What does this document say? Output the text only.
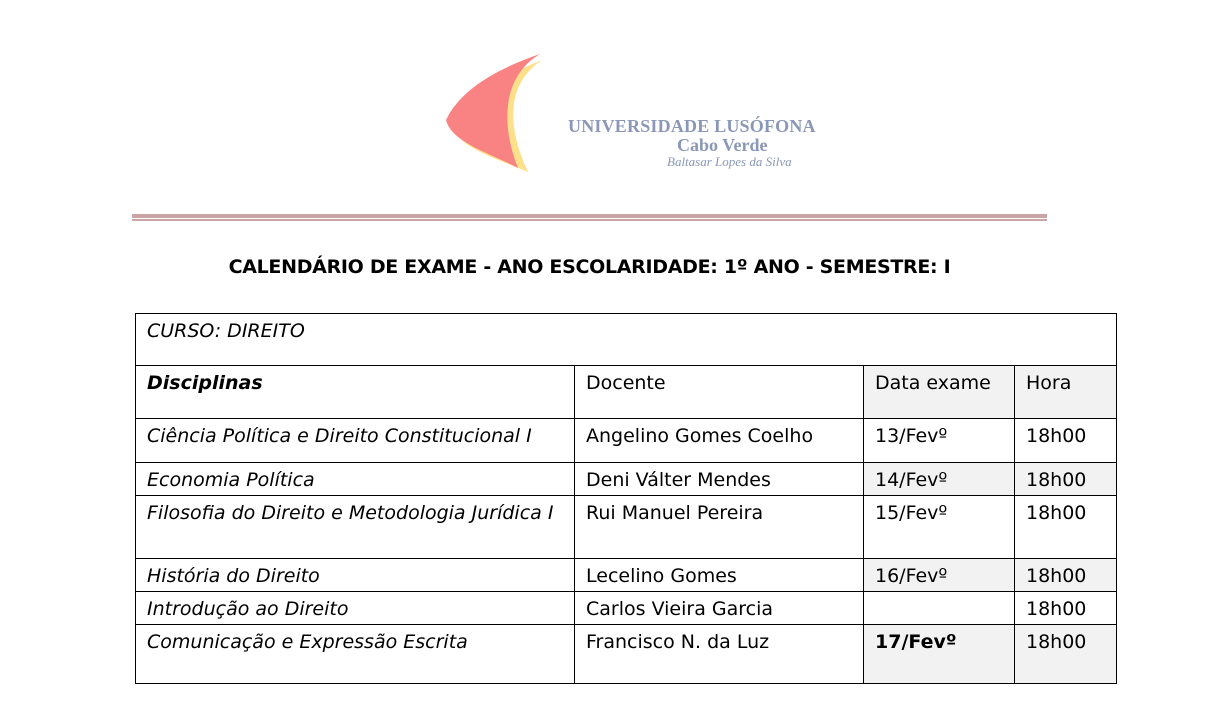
UNIVERSIDADE LUSÓFONA
Cabo Verde
Baltasar Lopes da Silva
CALENDÁRIO DE EXAME - ANO ESCOLARIDADE: 1º ANO - SEMESTRE: I
CURSO: DIREITO			
Disciplinas	Docente	Data exame	Hora
Ciência Política e Direito Constitucional I	Angelino Gomes Coelho	13/Fevº	18h00
Economia Política	Deni Válter Mendes	14/Fevº	18h00
Filosofia do Direito e Metodologia Jurídica I	Rui Manuel Pereira	15/Fevº	18h00
História do Direito	Lecelino Gomes	16/Fevº	18h00
Introdução ao Direito	Carlos Vieira Garcia		18h00
Comunicação e Expressão Escrita	Francisco N. da Luz	17/Fevº	18h00
